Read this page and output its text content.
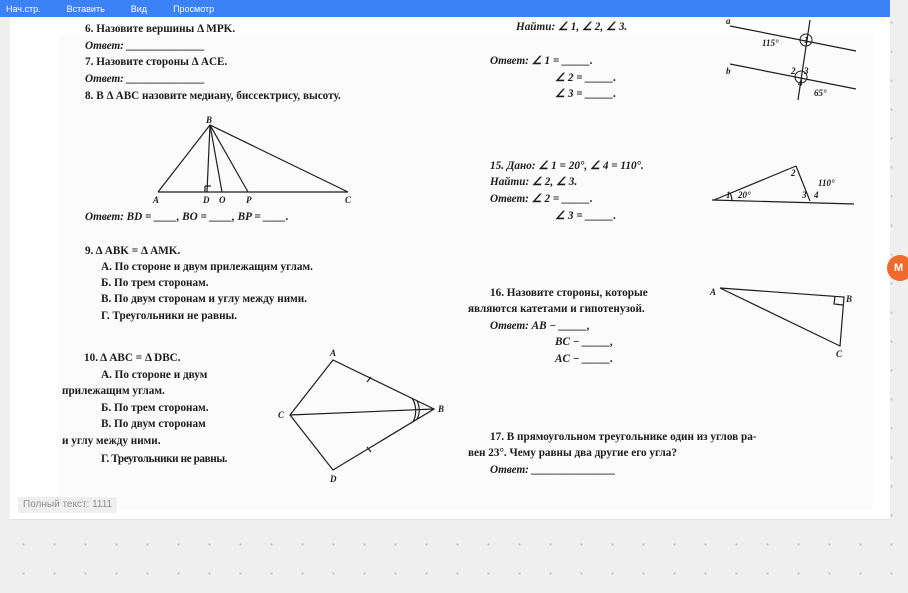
Нач.стр.	Вставить	Вид	Просмотр
6. Назовите вершины Δ MPK.
Ответ: ______________
7. Назовите стороны Δ ACE.
Ответ: ______________
8. В Δ ABC назовите медиану, биссектрису, высоту.
B
A	D O P	C
Ответ: BD = ____, BO = ____, BP = ____.
9. Δ ABK = Δ AMK.
А. По стороне и двум прилежащим углам.
Б. По трем сторонам.
В. По двум сторонам и углу между ними.
Г. Треугольники не равны.
10. Δ ABC = Δ DBC.
А. По стороне и двум
прилежащим углам.
Б. По трем сторонам.
В. По двум сторонам
и углу между ними.
Г. Треугольники не равны.
A
C
B
D
Найти: ∠ 1, ∠ 2, ∠ 3.
Ответ: ∠ 1 = _____.
∠ 2 = _____.
∠ 3 = _____.
a
b
115°
65°
1
2 3
4
15. Дано: ∠ 1 = 20°, ∠ 4 = 110°.
Найти: ∠ 2, ∠ 3.
Ответ: ∠ 2 = _____.
∠ 3 = _____.
20°
110°
1
2
3 4
16. Назовите стороны, которые
являются катетами и гипотенузой.
Ответ: AB − _____,
BC − _____,
AC − _____.
A
B
C
17. В прямоугольном треугольнике один из углов ра-
вен 23°. Чему равны два другие его угла?
Ответ: _______________
Полный текст: 1111
M
